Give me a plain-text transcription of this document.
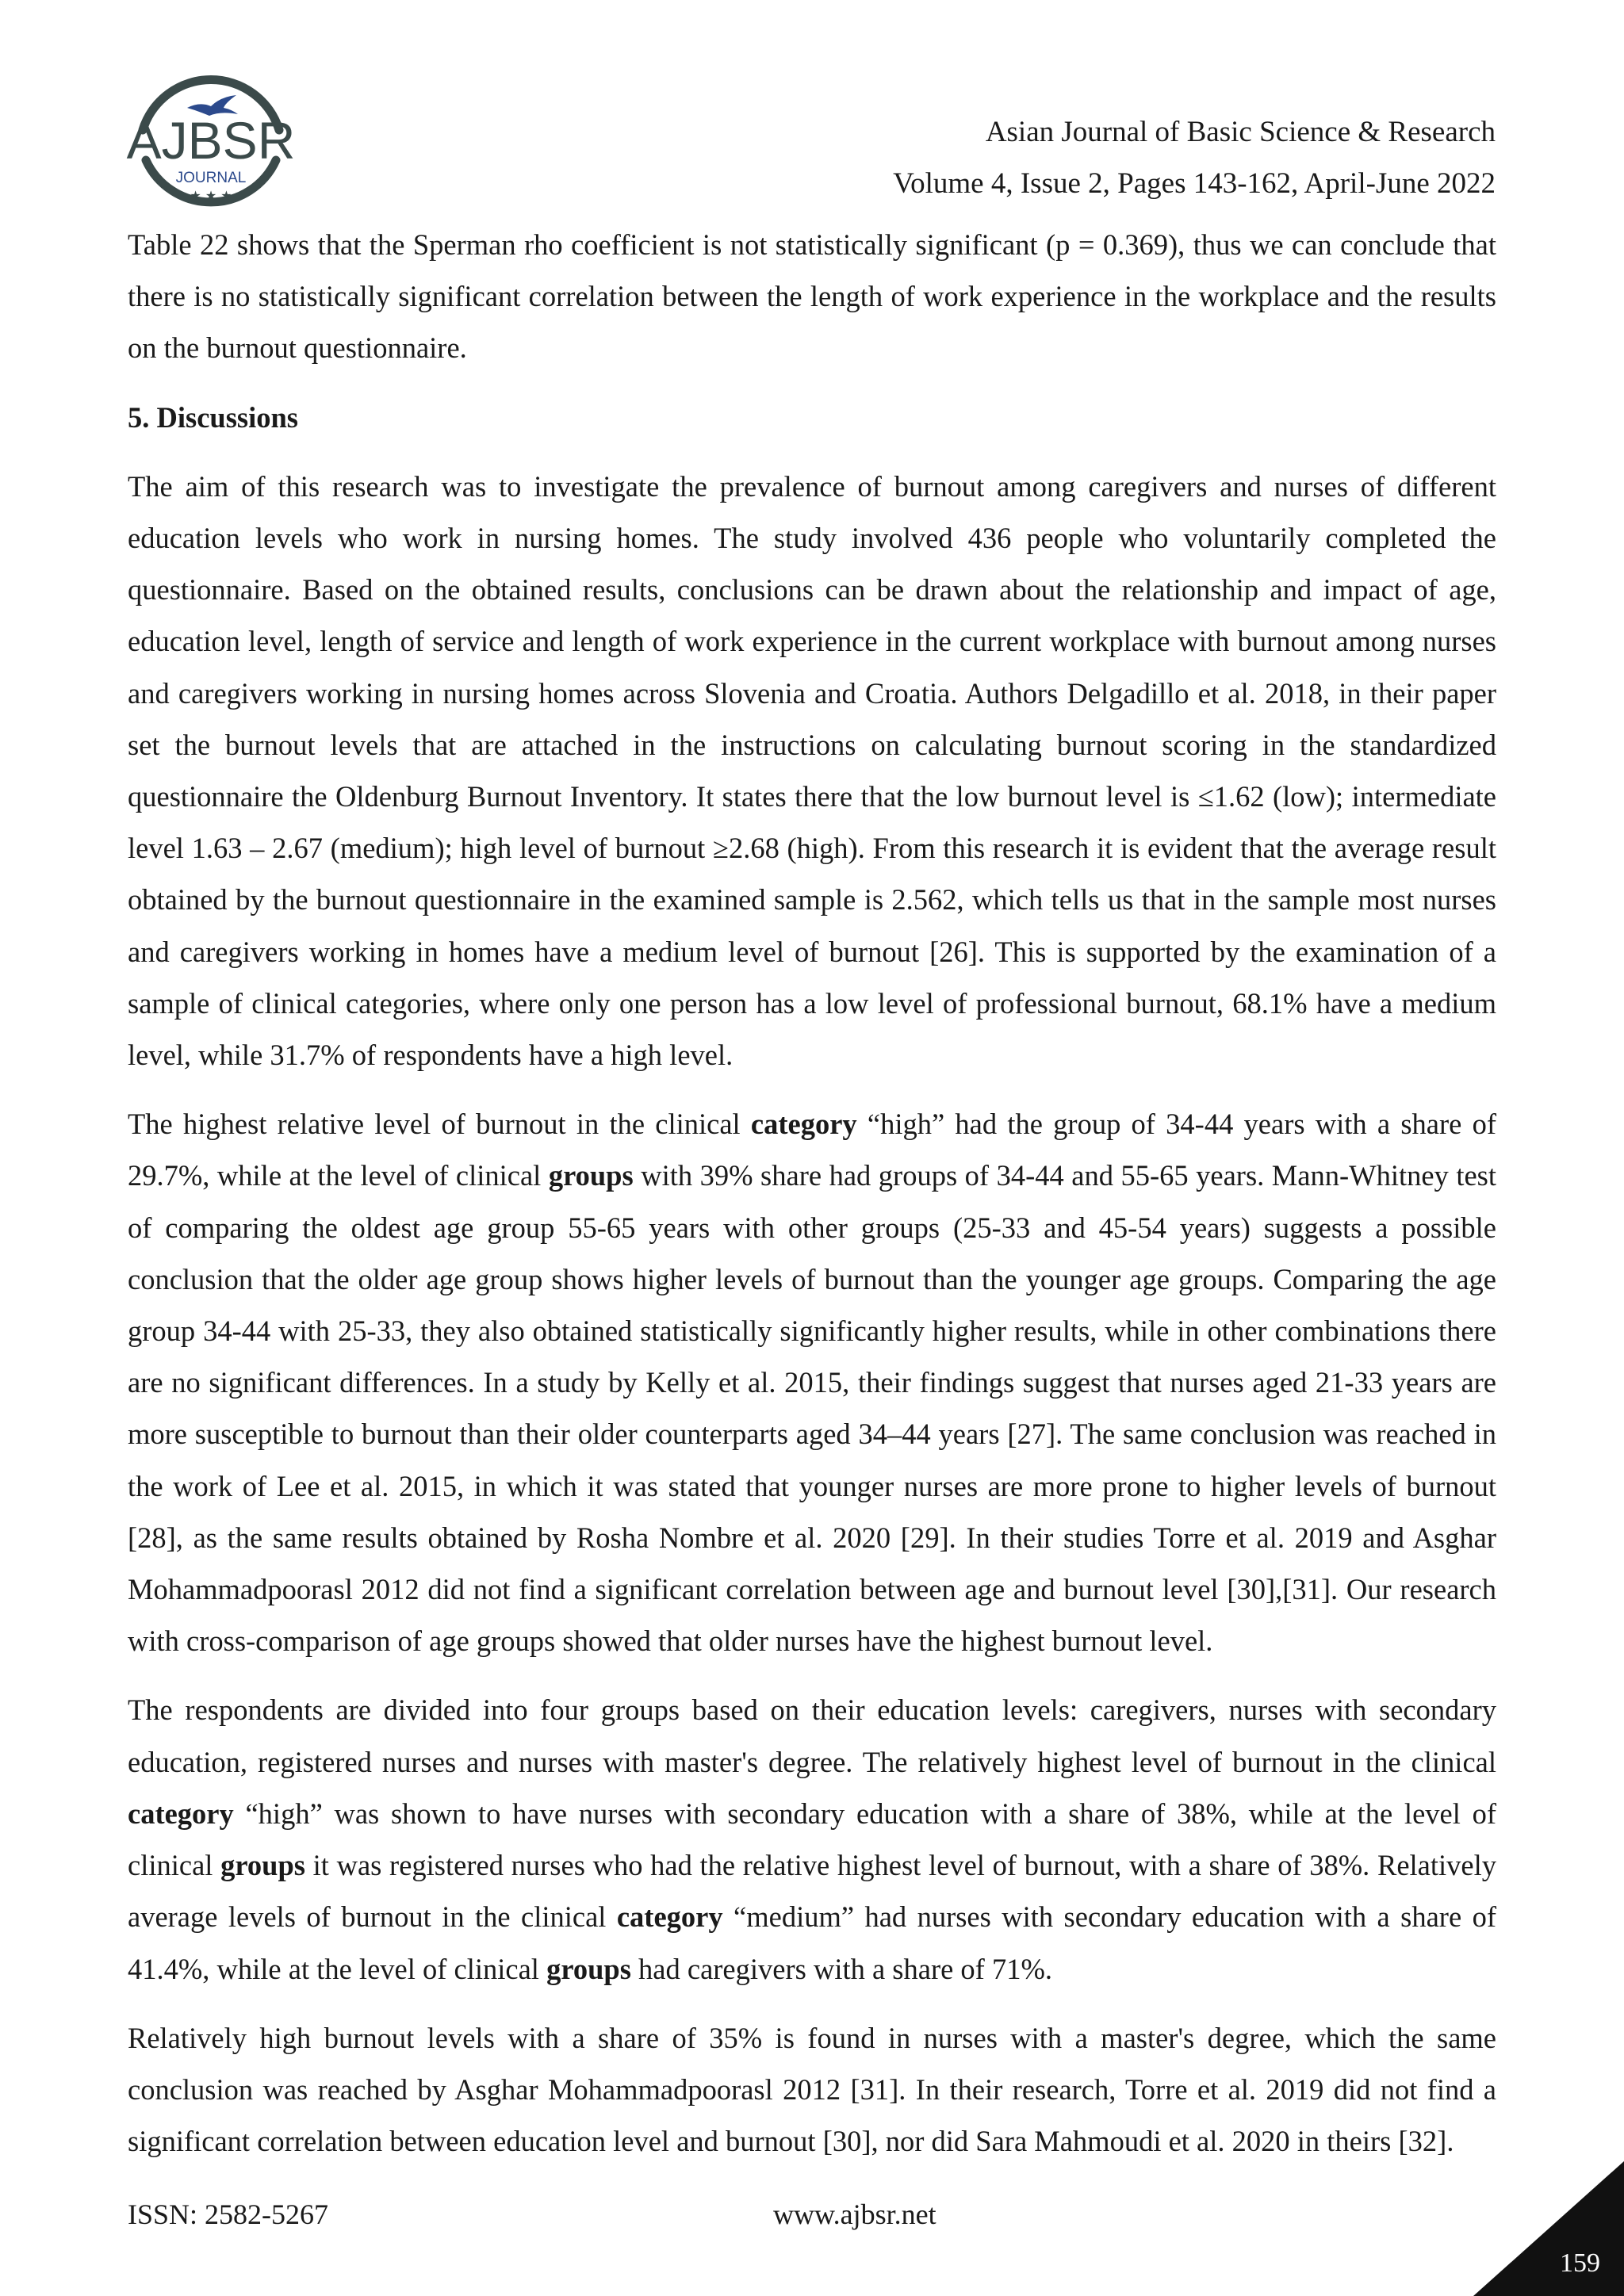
AJBSR
JOURNAL
★ ★ ★
Asian Journal of Basic Science & Research
Volume 4, Issue 2, Pages 143-162, April-June 2022

Table 22 shows that the Sperman rho coefficient is not statistically significant (p = 0.369), thus we can conclude that there is no statistically significant correlation between the length of work experience in the workplace and the results on the burnout questionnaire.

5. Discussions

The aim of this research was to investigate the prevalence of burnout among caregivers and nurses of different education levels who work in nursing homes. The study involved 436 people who voluntarily completed the questionnaire. Based on the obtained results, conclusions can be drawn about the relationship and impact of age, education level, length of service and length of work experience in the current workplace with burnout among nurses and caregivers working in nursing homes across Slovenia and Croatia. Authors Delgadillo et al. 2018, in their paper set the burnout levels that are attached in the instructions on calculating burnout scoring in the standardized questionnaire the Oldenburg Burnout Inventory. It states there that the low burnout level is ≤1.62 (low); intermediate level 1.63 – 2.67 (medium); high level of burnout ≥2.68 (high). From this research it is evident that the average result obtained by the burnout questionnaire in the examined sample is 2.562, which tells us that in the sample most nurses and caregivers working in homes have a medium level of burnout [26]. This is supported by the examination of a sample of clinical categories, where only one person has a low level of professional burnout, 68.1% have a medium level, while 31.7% of respondents have a high level.

The highest relative level of burnout in the clinical category “high” had the group of 34-44 years with a share of 29.7%, while at the level of clinical groups with 39% share had groups of 34-44 and 55-65 years. Mann-Whitney test of comparing the oldest age group 55-65 years with other groups (25-33 and 45-54 years) suggests a possible conclusion that the older age group shows higher levels of burnout than the younger age groups. Comparing the age group 34-44 with 25-33, they also obtained statistically significantly higher results, while in other combinations there are no significant differences. In a study by Kelly et al. 2015, their findings suggest that nurses aged 21-33 years are more susceptible to burnout than their older counterparts aged 34–44 years [27]. The same conclusion was reached in the work of Lee et al. 2015, in which it was stated that younger nurses are more prone to higher levels of burnout [28], as the same results obtained by Rosha Nombre et al. 2020 [29]. In their studies Torre et al. 2019 and Asghar Mohammadpoorasl 2012 did not find a significant correlation between age and burnout level [30],[31]. Our research with cross-comparison of age groups showed that older nurses have the highest burnout level.

The respondents are divided into four groups based on their education levels: caregivers, nurses with secondary education, registered nurses and nurses with master's degree. The relatively highest level of burnout in the clinical category “high” was shown to have nurses with secondary education with a share of 38%, while at the level of clinical groups it was registered nurses who had the relative highest level of burnout, with a share of 38%. Relatively average levels of burnout in the clinical category “medium” had nurses with secondary education with a share of 41.4%, while at the level of clinical groups had caregivers with a share of 71%.

Relatively high burnout levels with a share of 35% is found in nurses with a master's degree, which the same conclusion was reached by Asghar Mohammadpoorasl 2012 [31]. In their research, Torre et al. 2019 did not find a significant correlation between education level and burnout [30], nor did Sara Mahmoudi et al. 2020 in theirs [32].

ISSN: 2582-5267	www.ajbsr.net
159
